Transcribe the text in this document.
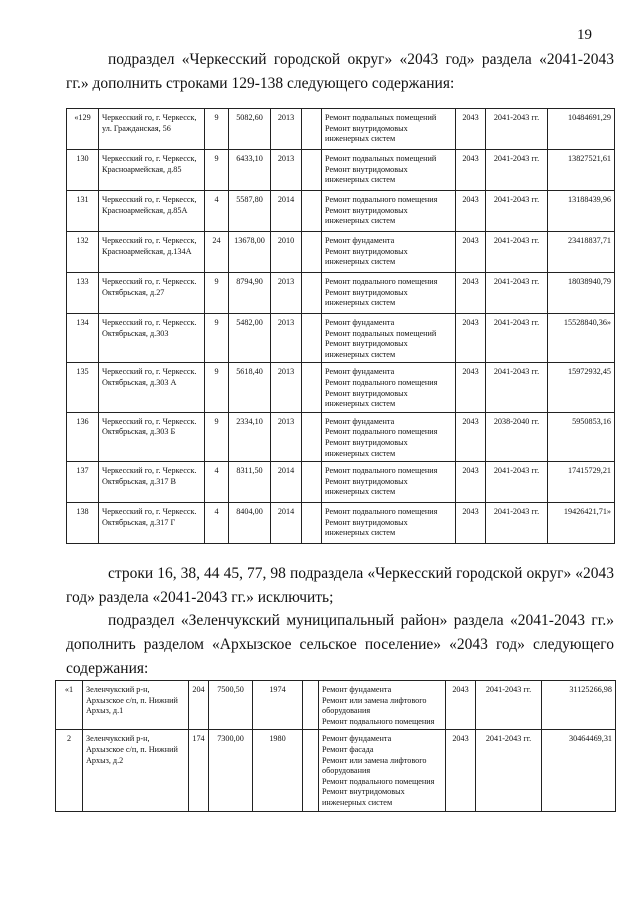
19
подраздел «Черкесский городской округ» «2043 год» раздела «2041-2043 гг.» дополнить строками 129-138 следующего содержания:
«129	Черкесский го, г. Черкесск, ул. Гражданская, 56	9	5082,60	2013		Ремонт подвальных помещений
Ремонт внутридомовых инженерных систем	2043	2041-2043 гг.	10484691,29
130	Черкесский го, г. Черкесск, Красноармейская, д.85	9	6433,10	2013		Ремонт подвальных помещений
Ремонт внутридомовых инженерных систем	2043	2041-2043 гг.	13827521,61
131	Черкесский го, г. Черкесск, Красноармейская, д.85А	4	5587,80	2014		Ремонт подвального помещения
Ремонт внутридомовых инженерных систем	2043	2041-2043 гг.	13188439,96
132	Черкесский го, г. Черкесск, Красноармейская, д.134А	24	13678,00	2010		Ремонт фундамента
Ремонт внутридомовых инженерных систем	2043	2041-2043 гг.	23418837,71
133	Черкесский го, г. Черкесск. Октябрьская, д.27	9	8794,90	2013		Ремонт подвального помещения
Ремонт внутридомовых инженерных систем	2043	2041-2043 гг.	18038940,79
134	Черкесский го, г. Черкесск. Октябрьская, д.303	9	5482,00	2013		Ремонт фундамента
Ремонт подвальных помещений
Ремонт внутридомовых инженерных систем	2043	2041-2043 гг.	15528840,36»
135	Черкесский го, г. Черкесск. Октябрьская, д.303 А	9	5618,40	2013		Ремонт фундамента
Ремонт подвального помещения
Ремонт внутридомовых инженерных систем	2043	2041-2043 гг.	15972932,45
136	Черкесский го, г. Черкесск. Октябрьская, д.303 Б	9	2334,10	2013		Ремонт фундамента
Ремонт подвального помещения
Ремонт внутридомовых инженерных систем	2043	2038-2040 гг.	5950853,16
137	Черкесский го, г. Черкесск. Октябрьская, д.317 В	4	8311,50	2014		Ремонт подвального помещения
Ремонт внутридомовых инженерных систем	2043	2041-2043 гг.	17415729,21
138	Черкесский го, г. Черкесск. Октябрьская, д.317 Г	4	8404,00	2014		Ремонт подвального помещения
Ремонт внутридомовых инженерных систем	2043	2041-2043 гг.	19426421,71»
строки 16, 38, 44 45, 77, 98 подраздела «Черкесский городской округ» «2043 год» раздела «2041-2043 гг.» исключить;
подраздел «Зеленчукский муниципальный район» раздела «2041-2043 гг.» дополнить разделом «Архызское сельское поселение» «2043 год» следующего содержания:
«1	Зеленчукский р-н, Архызское с/п, п. Нижний Архыз, д.1	204	7500,50	1974		Ремонт фундамента
Ремонт или замена лифтового оборудования
Ремонт подвального помещения	2043	2041-2043 гг.	31125266,98
2	Зеленчукский р-н, Архызское с/п, п. Нижний Архыз, д.2	174	7300,00	1980		Ремонт фундамента
Ремонт фасада
Ремонт или замена лифтового оборудования
Ремонт подвального помещения
Ремонт внутридомовых инженерных систем	2043	2041-2043 гг.	30464469,31
